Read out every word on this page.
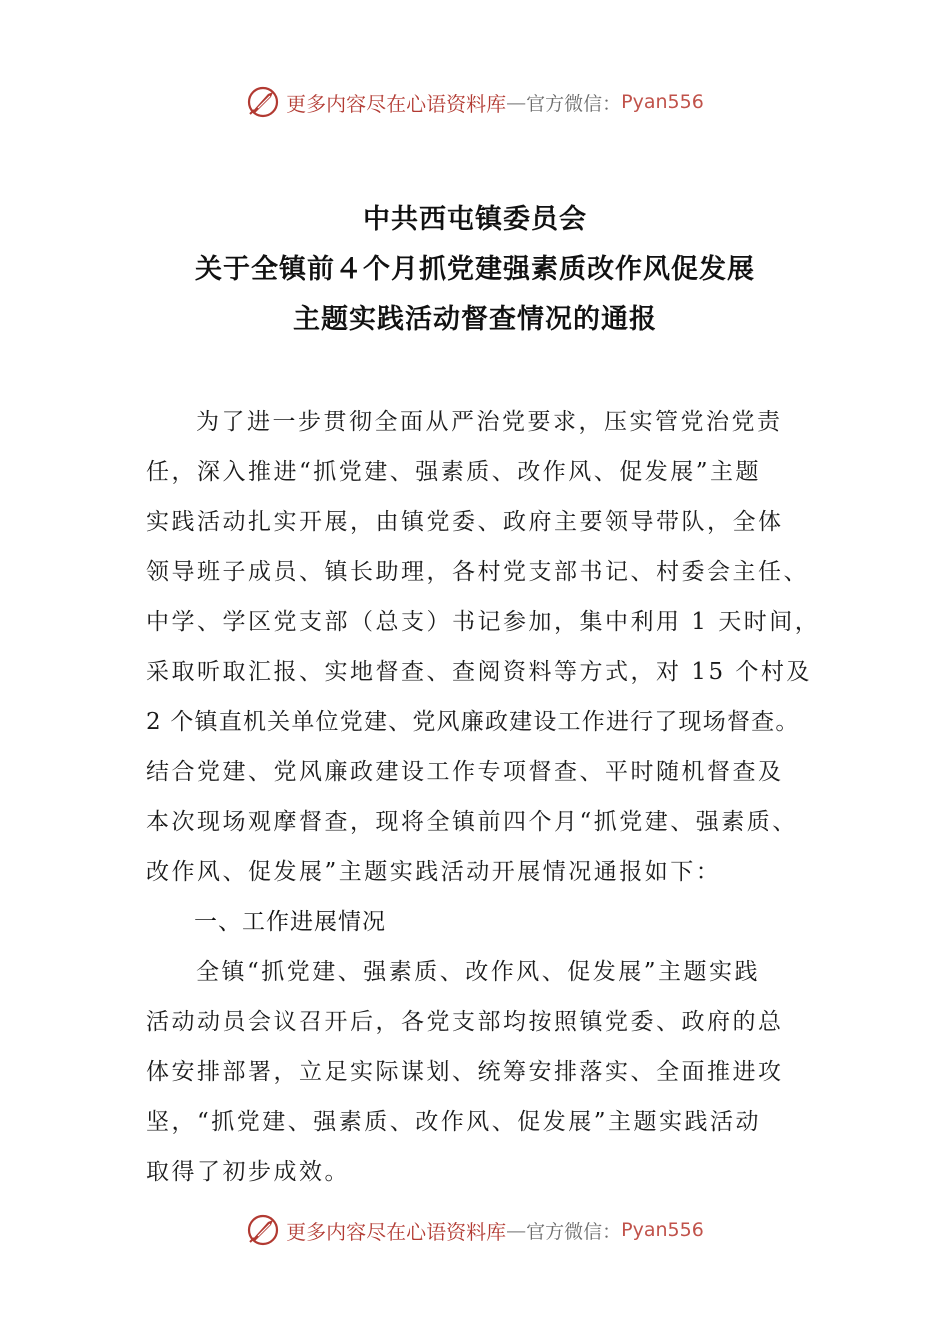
更多内容尽在心语资料库 — 官方微信： Pyan556
中共西屯镇委员会
关于全镇前４个月抓党建强素质改作风促发展
主题实践活动督查情况的通报
为了进一步贯彻全面从严治党要求，压实管党治党责
任，深入推进“抓党建、强素质、改作风、促发展”主题
实践活动扎实开展，由镇党委、政府主要领导带队，全体
领导班子成员、镇长助理，各村党支部书记、村委会主任、
中学、学区党支部（总支）书记参加，集中利用 1 天时间，
采取听取汇报、实地督查、查阅资料等方式，对 15 个村及
2 个镇直机关单位党建、党风廉政建设工作进行了现场督查。
结合党建、党风廉政建设工作专项督查、平时随机督查及
本次现场观摩督查，现将全镇前四个月“抓党建、强素质、
改作风、促发展”主题实践活动开展情况通报如下：
一、工作进展情况
全镇“抓党建、强素质、改作风、促发展”主题实践
活动动员会议召开后，各党支部均按照镇党委、政府的总
体安排部署，立足实际谋划、统筹安排落实、全面推进攻
坚，“抓党建、强素质、改作风、促发展”主题实践活动
取得了初步成效。
更多内容尽在心语资料库 — 官方微信： Pyan556
